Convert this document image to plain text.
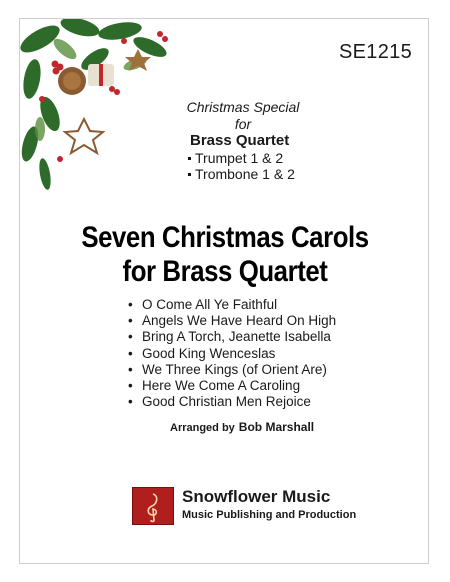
SE1215
Christmas Special
for
Brass Quartet
Trumpet 1 & 2
Trombone 1 & 2
Seven Christmas Carols
for Brass Quartet
• O Come All Ye Faithful
• Angels We Have Heard On High
• Bring A Torch, Jeanette Isabella
• Good King Wenceslas
• We Three Kings (of Orient Are)
• Here We Come A Caroling
• Good Christian Men Rejoice
Arranged by Bob Marshall
Snowflower Music
Music Publishing and Production
